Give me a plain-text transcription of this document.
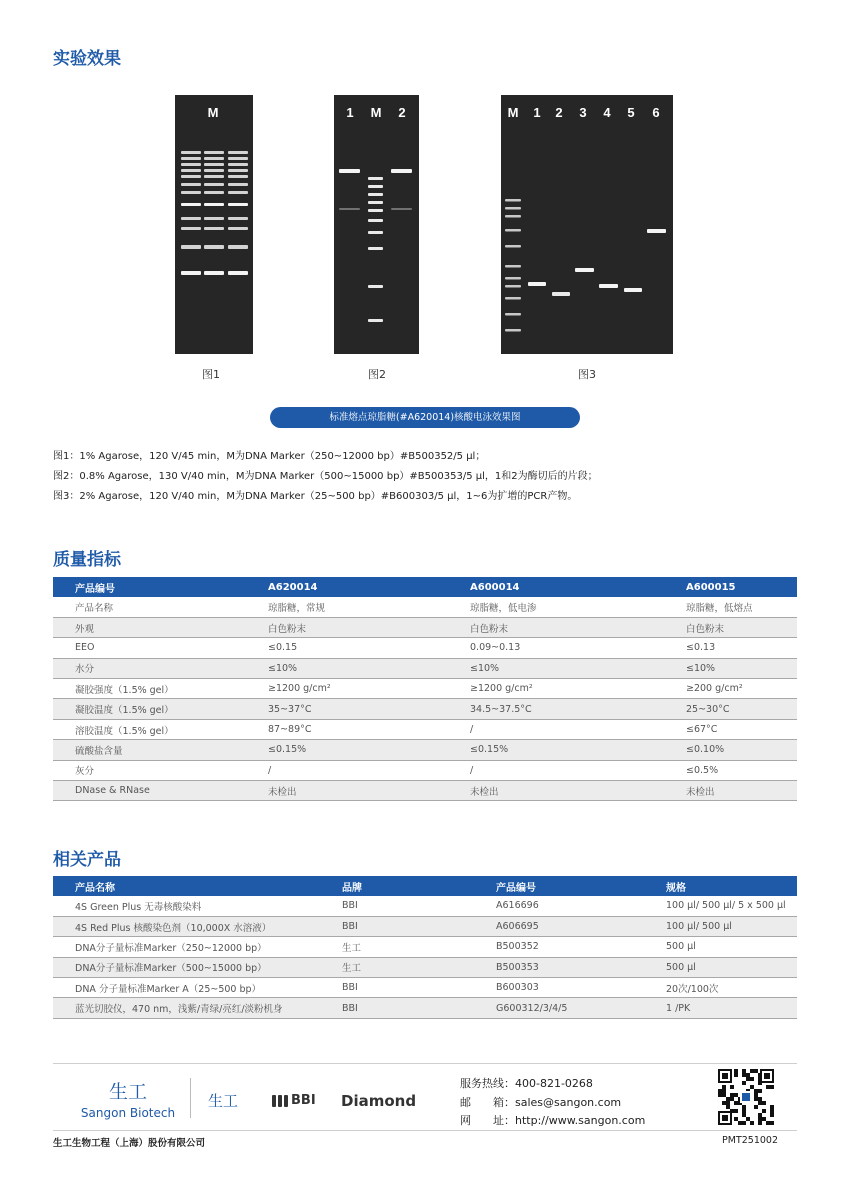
实验效果
M
图1
1 M 2
图2
M 1 2 3 4 5 6
图3
标准熔点琼脂糖(#A620014)核酸电泳效果图
图1：1% Agarose，120 V/45 min，M为DNA Marker（250~12000 bp）#B500352/5 μl；
图2：0.8% Agarose，130 V/40 min，M为DNA Marker（500~15000 bp）#B500353/5 μl，1和2为酶切后的片段；
图3：2% Agarose，120 V/40 min，M为DNA Marker（25~500 bp）#B600303/5 μl，1~6为扩增的PCR产物。
质量指标
产品编号	A620014	A600014	A600015
产品名称	琼脂糖，常规	琼脂糖，低电渗	琼脂糖，低熔点
外观	白色粉末	白色粉末	白色粉末
EEO	≤0.15	0.09~0.13	≤0.13
水分	≤10%	≤10%	≤10%
凝胶强度（1.5% gel）	≥1200 g/cm²	≥1200 g/cm²	≥200 g/cm²
凝胶温度（1.5% gel）	35~37°C	34.5~37.5°C	25~30°C
溶胶温度（1.5% gel）	87~89°C	/	≤67°C
硫酸盐含量	≤0.15%	≤0.15%	≤0.10%
灰分	/	/	≤0.5%
DNase & RNase	未检出	未检出	未检出
相关产品
产品名称	品牌	产品编号	规格
4S Green Plus 无毒核酸染料	BBI	A616696	100 μl/ 500 μl/ 5 x 500 μl
4S Red Plus 核酸染色剂（10,000X 水溶液）	BBI	A606695	100 μl/ 500 μl
DNA分子量标准Marker（250~12000 bp）	生工	B500352	500 μl
DNA分子量标准Marker（500~15000 bp）	生工	B500353	500 μl
DNA 分子量标准Marker A（25~500 bp）	BBI	B600303	20次/100次
蓝光切胶仪，470 nm，浅紫/青绿/亮红/淡粉机身	BBI	G600312/3/4/5	1 /PK
生工
Sangon Biotech
生工	BBI Diamond
服务热线：400-821-0268
邮　　箱：sales@sangon.com
网　　址：http://www.sangon.com
生工生物工程（上海）股份有限公司	PMT251002
